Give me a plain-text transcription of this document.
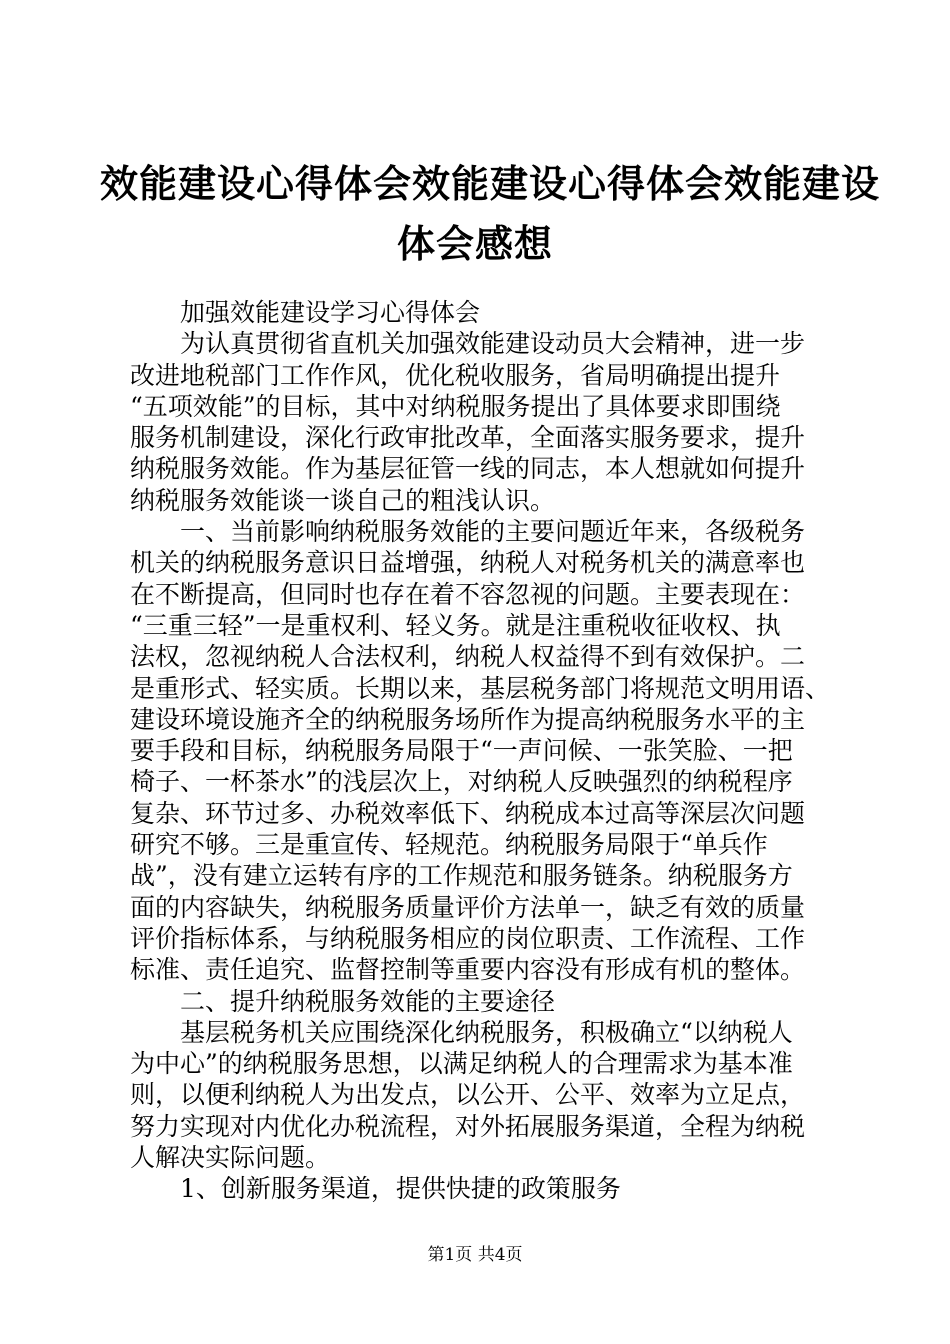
效能建设心得体会效能建设心得体会效能建设
体会感想
　　加强效能建设学习心得体会
　　为认真贯彻省直机关加强效能建设动员大会精神，进一步
改进地税部门工作作风，优化税收服务，省局明确提出提升
“五项效能”的目标，其中对纳税服务提出了具体要求即围绕
服务机制建设，深化行政审批改革，全面落实服务要求，提升
纳税服务效能。作为基层征管一线的同志，本人想就如何提升
纳税服务效能谈一谈自己的粗浅认识。
　　一、当前影响纳税服务效能的主要问题近年来，各级税务
机关的纳税服务意识日益增强，纳税人对税务机关的满意率也
在不断提高，但同时也存在着不容忽视的问题。主要表现在：
“三重三轻”一是重权利、轻义务。就是注重税收征收权、执
法权，忽视纳税人合法权利，纳税人权益得不到有效保护。二
是重形式、轻实质。长期以来，基层税务部门将规范文明用语、
建设环境设施齐全的纳税服务场所作为提高纳税服务水平的主
要手段和目标，纳税服务局限于“一声问候、一张笑脸、一把
椅子、一杯茶水”的浅层次上，对纳税人反映强烈的纳税程序
复杂、环节过多、办税效率低下、纳税成本过高等深层次问题
研究不够。三是重宣传、轻规范。纳税服务局限于“单兵作
战”，没有建立运转有序的工作规范和服务链条。纳税服务方
面的内容缺失，纳税服务质量评价方法单一，缺乏有效的质量
评价指标体系，与纳税服务相应的岗位职责、工作流程、工作
标准、责任追究、监督控制等重要内容没有形成有机的整体。
　　二、提升纳税服务效能的主要途径
　　基层税务机关应围绕深化纳税服务，积极确立“以纳税人
为中心”的纳税服务思想，以满足纳税人的合理需求为基本准
则，以便利纳税人为出发点，以公开、公平、效率为立足点，
努力实现对内优化办税流程，对外拓展服务渠道，全程为纳税
人解决实际问题。
　　1、创新服务渠道，提供快捷的政策服务
第1页 共4页
